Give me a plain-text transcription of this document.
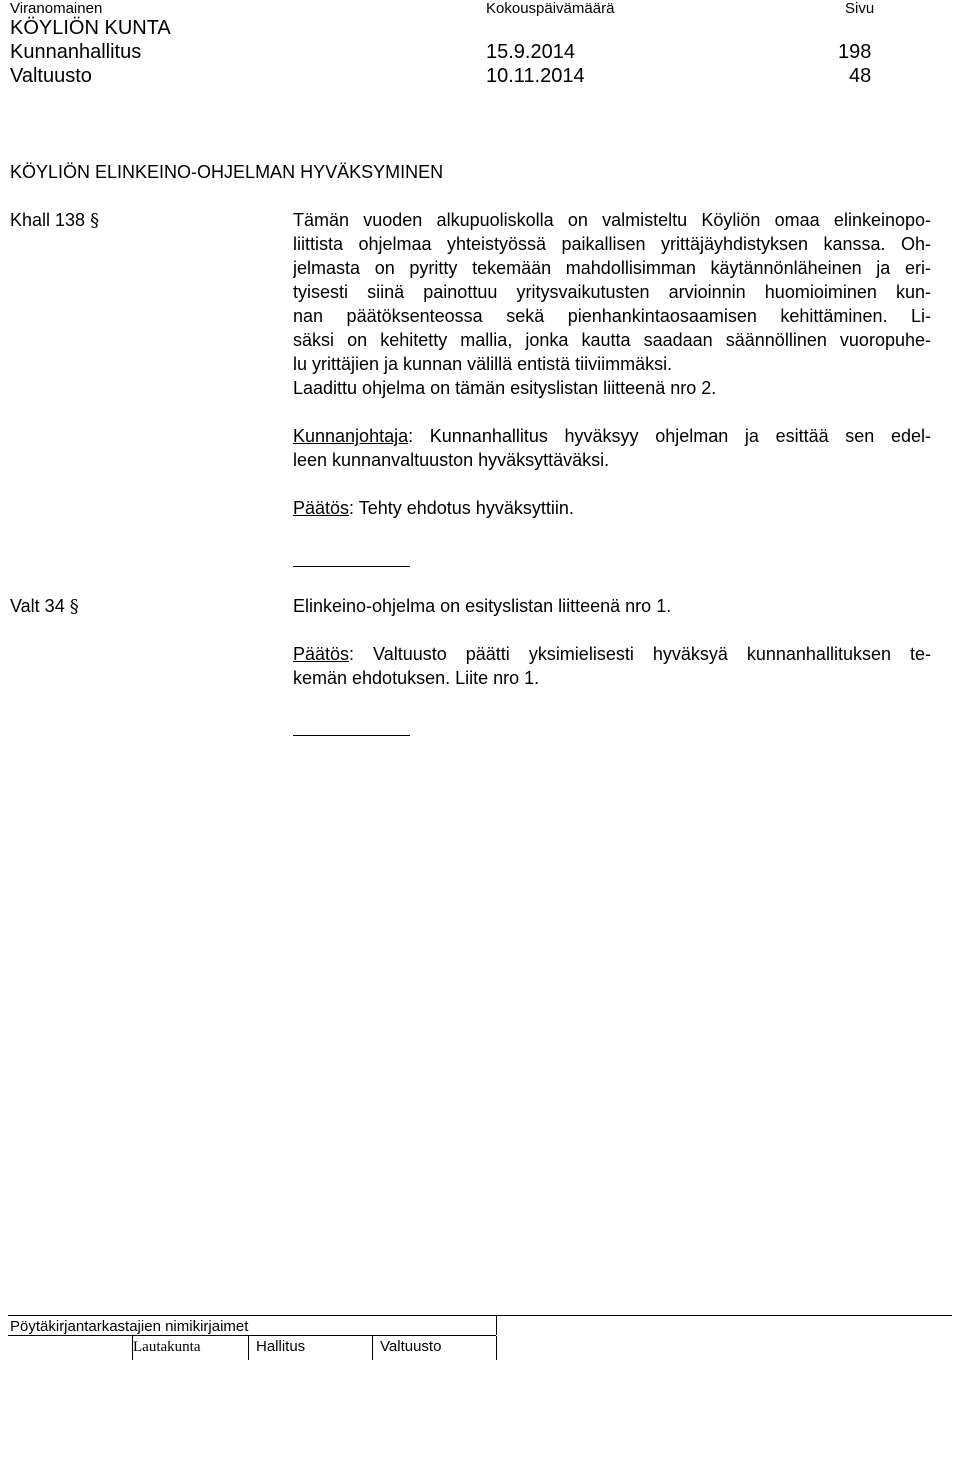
Viranomainen	Kokouspäivämäärä	Sivu
KÖYLIÖN KUNTA
Kunnanhallitus	15.9.2014	198
Valtuusto	10.11.2014	48
KÖYLIÖN ELINKEINO-OHJELMAN HYVÄKSYMINEN
Khall 138 §	Tämän vuoden alkupuoliskolla on valmisteltu Köyliön omaa elinkeinopo-
liittista ohjelmaa yhteistyössä paikallisen yrittäjäyhdistyksen kanssa. Oh-
jelmasta on pyritty tekemään mahdollisimman käytännönläheinen ja eri-
tyisesti siinä painottuu yritysvaikutusten arvioinnin huomioiminen kun-
nan päätöksenteossa sekä pienhankintaosaamisen kehittäminen. Li-
säksi on kehitetty mallia, jonka kautta saadaan säännöllinen vuoropuhe-
lu yrittäjien ja kunnan välillä entistä tiiviimmäksi.
Laadittu ohjelma on tämän esityslistan liitteenä nro 2.
Kunnanjohtaja: Kunnanhallitus hyväksyy ohjelman ja esittää sen edel-
leen kunnanvaltuuston hyväksyttäväksi.
Päätös: Tehty ehdotus hyväksyttiin.
Valt 34 §	Elinkeino-ohjelma on esityslistan liitteenä nro 1.
Päätös: Valtuusto päätti yksimielisesti hyväksyä kunnanhallituksen te-
kemän ehdotuksen. Liite nro 1.
Pöytäkirjantarkastajien nimikirjaimet
Lautakunta	Hallitus	Valtuusto
